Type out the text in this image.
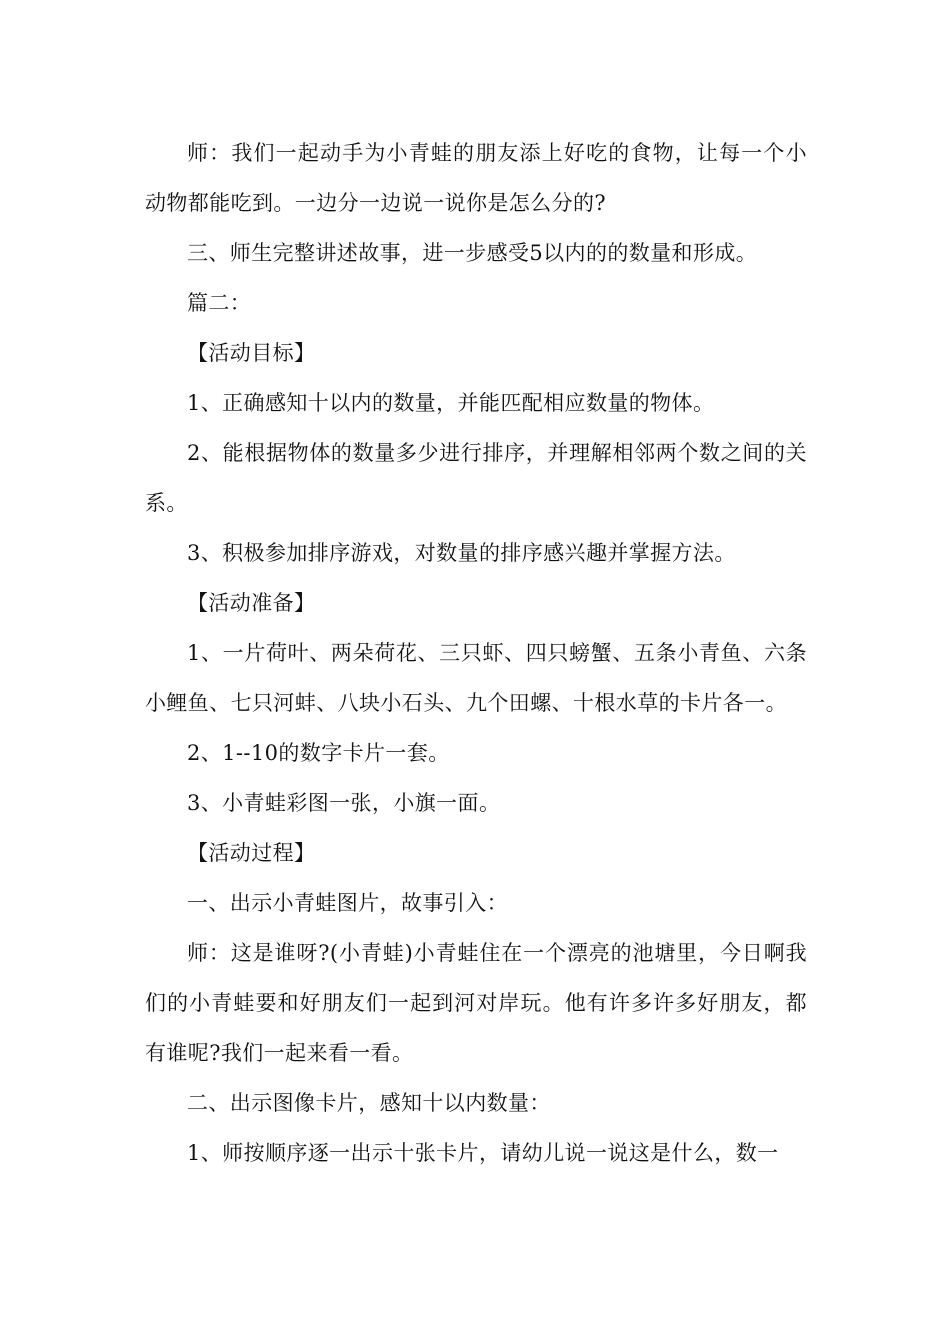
师：我们一起动手为小青蛙的朋友添上好吃的食物，让每一个小动物都能吃到。一边分一边说一说你是怎么分的?

三、师生完整讲述故事，进一步感受5以内的的数量和形成。

篇二：

【活动目标】

1、正确感知十以内的数量，并能匹配相应数量的物体。

2、能根据物体的数量多少进行排序，并理解相邻两个数之间的关系。

3、积极参加排序游戏，对数量的排序感兴趣并掌握方法。

【活动准备】

1、一片荷叶、两朵荷花、三只虾、四只螃蟹、五条小青鱼、六条小鲤鱼、七只河蚌、八块小石头、九个田螺、十根水草的卡片各一。

2、1--10的数字卡片一套。

3、小青蛙彩图一张，小旗一面。

【活动过程】

一、出示小青蛙图片，故事引入：

师：这是谁呀?(小青蛙)小青蛙住在一个漂亮的池塘里，今日啊我们的小青蛙要和好朋友们一起到河对岸玩。他有许多许多好朋友，都有谁呢?我们一起来看一看。

二、出示图像卡片，感知十以内数量：

1、师按顺序逐一出示十张卡片，请幼儿说一说这是什么，数一
